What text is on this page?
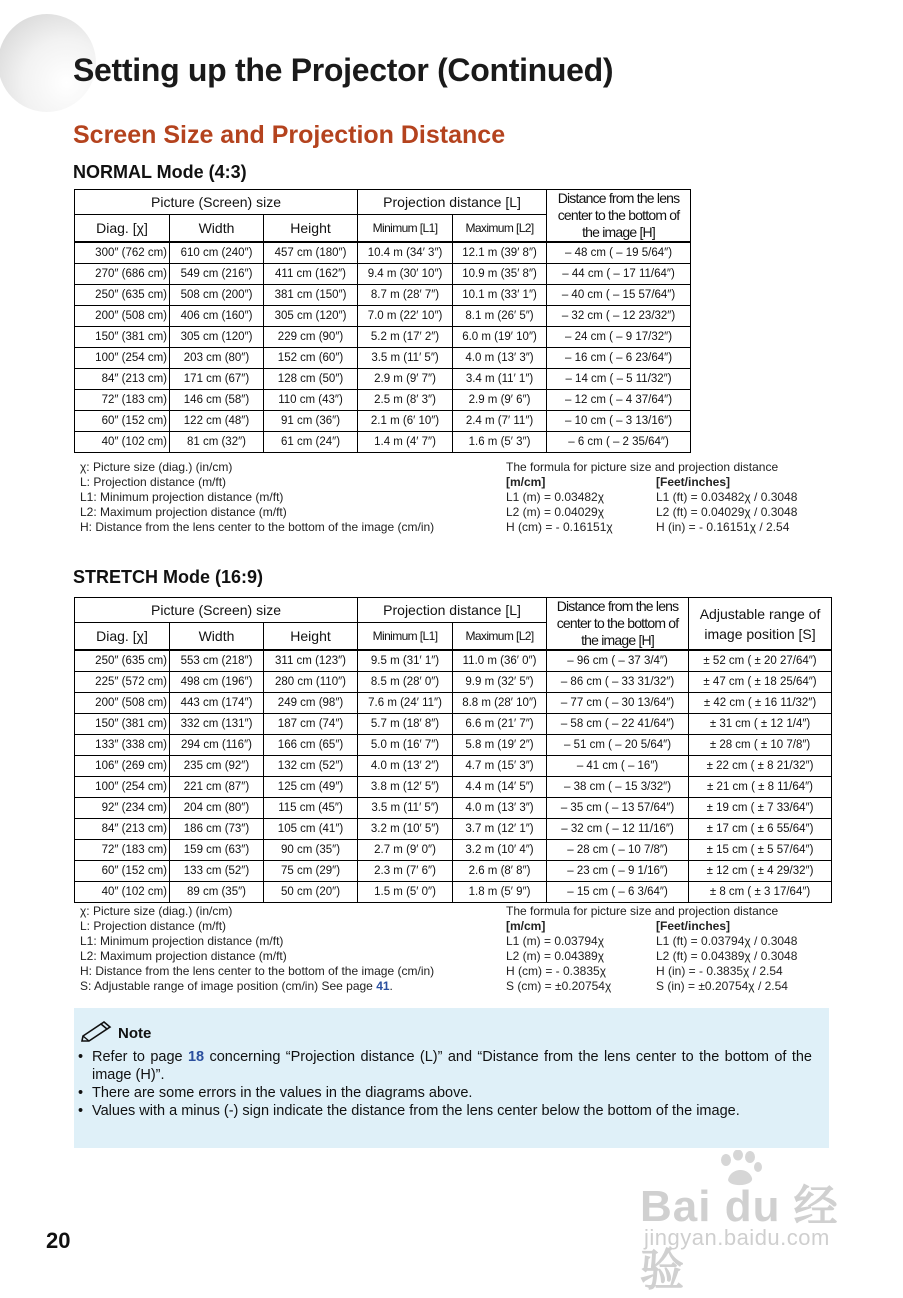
Setting up the Projector (Continued)
Screen Size and Projection Distance
NORMAL Mode (4:3)
Picture (Screen) size			Projection distance [L]		Distance from the lens center to the bottom of the image [H]
Diag. [χ]	Width	Height	Minimum [L1]	Maximum [L2]	
300″ (762 cm)	610 cm (240″)	457 cm (180″)	10.4 m (34′ 3″)	12.1 m (39′ 8″)	– 48 cm ( – 19 5/64″)
270″ (686 cm)	549 cm (216″)	411 cm (162″)	9.4 m (30′ 10″)	10.9 m (35′ 8″)	– 44 cm ( – 17 11/64″)
250″ (635 cm)	508 cm (200″)	381 cm (150″)	8.7 m (28′ 7″)	10.1 m (33′ 1″)	– 40 cm ( – 15 57/64″)
200″ (508 cm)	406 cm (160″)	305 cm (120″)	7.0 m (22′ 10″)	8.1 m (26′ 5″)	– 32 cm ( – 12 23/32″)
150″ (381 cm)	305 cm (120″)	229 cm (90″)	5.2 m (17′ 2″)	6.0 m (19′ 10″)	– 24 cm ( – 9 17/32″)
100″ (254 cm)	203 cm (80″)	152 cm (60″)	3.5 m (11′ 5″)	4.0 m (13′ 3″)	– 16 cm ( – 6 23/64″)
84″ (213 cm)	171 cm (67″)	128 cm (50″)	2.9 m (9′ 7″)	3.4 m (11′ 1″)	– 14 cm ( – 5 11/32″)
72″ (183 cm)	146 cm (58″)	110 cm (43″)	2.5 m (8′ 3″)	2.9 m (9′ 6″)	– 12 cm ( – 4 37/64″)
60″ (152 cm)	122 cm (48″)	91 cm (36″)	2.1 m (6′ 10″)	2.4 m (7′ 11″)	– 10 cm ( – 3 13/16″)
40″ (102 cm)	81 cm (32″)	61 cm (24″)	1.4 m (4′ 7″)	1.6 m (5′ 3″)	– 6 cm ( – 2 35/64″)
χ: Picture size (diag.) (in/cm)
L: Projection distance (m/ft)
L1: Minimum projection distance (m/ft)
L2: Maximum projection distance (m/ft)
H: Distance from the lens center to the bottom of the image (cm/in)
The formula for picture size and projection distance
[m/cm]	[Feet/inches]
L1 (m) = 0.03482χ	L1 (ft) = 0.03482χ / 0.3048
L2 (m) = 0.04029χ	L2 (ft) = 0.04029χ / 0.3048
H (cm) = - 0.16151χ	H (in) = - 0.16151χ / 2.54
STRETCH Mode (16:9)
Picture (Screen) size			Projection distance [L]		Distance from the lens center to the bottom of the image [H]	Adjustable range of image position [S]
Diag. [χ]	Width	Height	Minimum [L1]	Maximum [L2]		
250″ (635 cm)	553 cm (218″)	311 cm (123″)	9.5 m (31′ 1″)	11.0 m (36′ 0″)	– 96 cm ( – 37 3/4″)	± 52 cm ( ± 20 27/64″)
225″ (572 cm)	498 cm (196″)	280 cm (110″)	8.5 m (28′ 0″)	9.9 m (32′ 5″)	– 86 cm ( – 33 31/32″)	± 47 cm ( ± 18 25/64″)
200″ (508 cm)	443 cm (174″)	249 cm (98″)	7.6 m (24′ 11″)	8.8 m (28′ 10″)	– 77 cm ( – 30 13/64″)	± 42 cm ( ± 16 11/32″)
150″ (381 cm)	332 cm (131″)	187 cm (74″)	5.7 m (18′ 8″)	6.6 m (21′ 7″)	– 58 cm ( – 22 41/64″)	± 31 cm ( ± 12 1/4″)
133″ (338 cm)	294 cm (116″)	166 cm (65″)	5.0 m (16′ 7″)	5.8 m (19′ 2″)	– 51 cm ( – 20 5/64″)	± 28 cm ( ± 10 7/8″)
106″ (269 cm)	235 cm (92″)	132 cm (52″)	4.0 m (13′ 2″)	4.7 m (15′ 3″)	– 41 cm ( – 16″)	± 22 cm ( ± 8 21/32″)
100″ (254 cm)	221 cm (87″)	125 cm (49″)	3.8 m (12′ 5″)	4.4 m (14′ 5″)	– 38 cm ( – 15 3/32″)	± 21 cm ( ± 8 11/64″)
92″ (234 cm)	204 cm (80″)	115 cm (45″)	3.5 m (11′ 5″)	4.0 m (13′ 3″)	– 35 cm ( – 13 57/64″)	± 19 cm ( ± 7 33/64″)
84″ (213 cm)	186 cm (73″)	105 cm (41″)	3.2 m (10′ 5″)	3.7 m (12′ 1″)	– 32 cm ( – 12 11/16″)	± 17 cm ( ± 6 55/64″)
72″ (183 cm)	159 cm (63″)	90 cm (35″)	2.7 m (9′ 0″)	3.2 m (10′ 4″)	– 28 cm ( – 10 7/8″)	± 15 cm ( ± 5 57/64″)
60″ (152 cm)	133 cm (52″)	75 cm (29″)	2.3 m (7′ 6″)	2.6 m (8′ 8″)	– 23 cm ( – 9 1/16″)	± 12 cm ( ± 4 29/32″)
40″ (102 cm)	89 cm (35″)	50 cm (20″)	1.5 m (5′ 0″)	1.8 m (5′ 9″)	– 15 cm ( – 6 3/64″)	± 8 cm ( ± 3 17/64″)
χ: Picture size (diag.) (in/cm)
L: Projection distance (m/ft)
L1: Minimum projection distance (m/ft)
L2: Maximum projection distance (m/ft)
H: Distance from the lens center to the bottom of the image (cm/in)
S: Adjustable range of image position (cm/in) See page 41.
The formula for picture size and projection distance
[m/cm]	[Feet/inches]
L1 (m) = 0.03794χ	L1 (ft) = 0.03794χ / 0.3048
L2 (m) = 0.04389χ	L2 (ft) = 0.04389χ / 0.3048
H (cm) = - 0.3835χ	H (in) = - 0.3835χ / 2.54
S (cm) = ±0.20754χ	S (in) = ±0.20754χ / 2.54
Note
• Refer to page 18 concerning “Projection distance (L)” and “Distance from the lens center to the bottom of the image (H)”.
• There are some errors in the values in the diagrams above.
• Values with a minus (-) sign indicate the distance from the lens center below the bottom of the image.
20
Bai du 经验
jingyan.baidu.com
